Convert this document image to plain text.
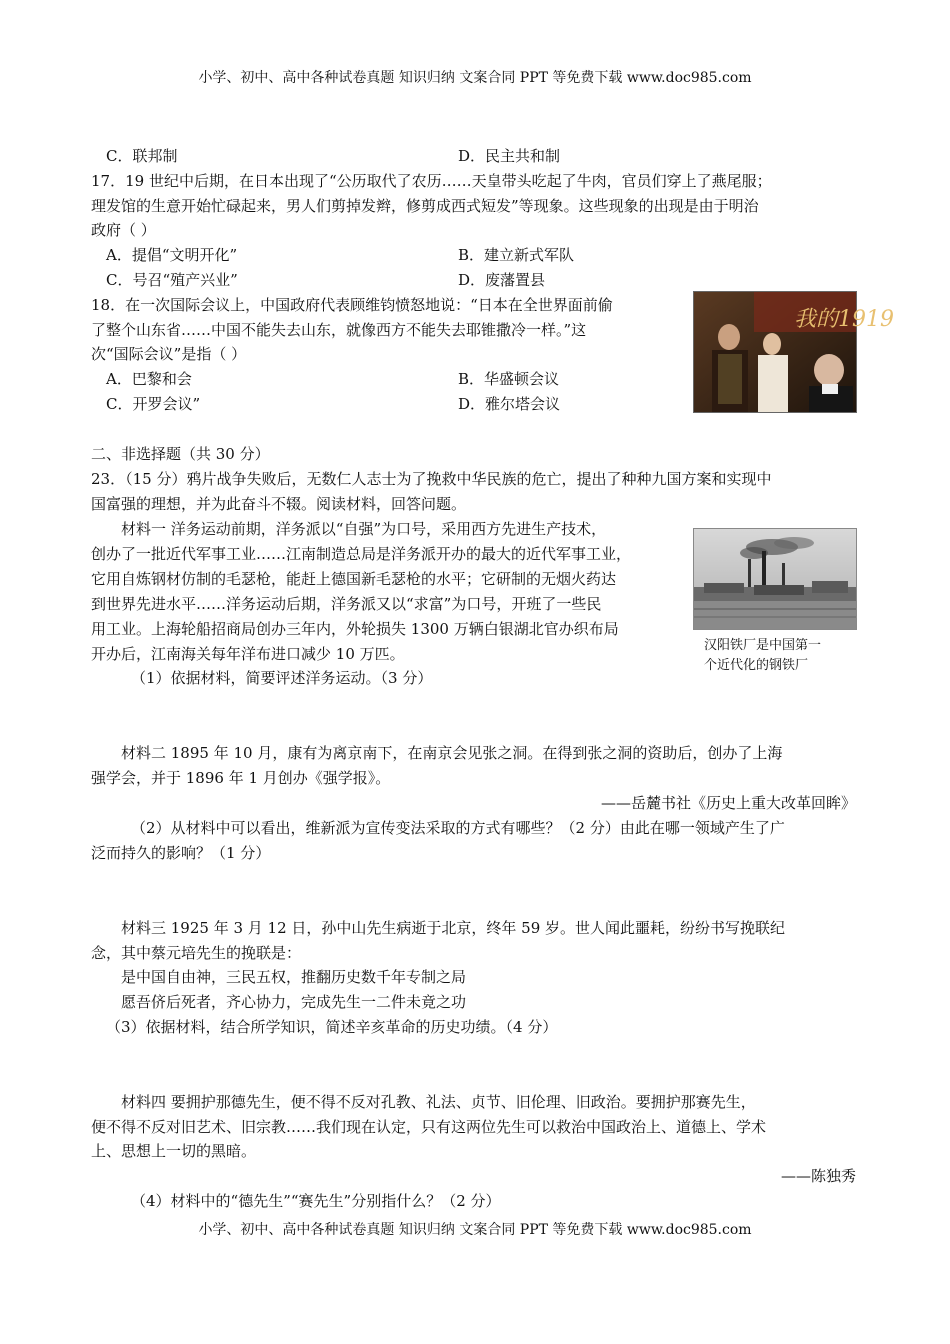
小学、初中、高中各种试卷真题 知识归纳 文案合同 PPT 等免费下载 www.doc985.com
C．联邦制	D．民主共和制
17．19 世纪中后期，在日本出现了“公历取代了农历……天皇带头吃起了牛肉，官员们穿上了燕尾服；
理发馆的生意开始忙碌起来，男人们剪掉发辫，修剪成西式短发”等现象。这些现象的出现是由于明治
政府（ ）
A．提倡“文明开化”	B．建立新式军队
C．号召“殖产兴业”	D．废藩置县
18．在一次国际会议上，中国政府代表顾维钧愤怒地说：“日本在全世界面前偷
了整个山东省……中国不能失去山东，就像西方不能失去耶锥撒冷一样。”这
次“国际会议”是指（ ）
A．巴黎和会	B．华盛顿会议
C．开罗会议”	D．雅尔塔会议
我的1919
二、非选择题（共 30 分）
23．（15 分）鸦片战争失败后，无数仁人志士为了挽救中华民族的危亡，提出了种种九国方案和实现中
国富强的理想，并为此奋斗不辍。阅读材料，回答问题。
材料一 洋务运动前期，洋务派以“自强”为口号，采用西方先进生产技术，
创办了一批近代军事工业……江南制造总局是洋务派开办的最大的近代军事工业，
它用自炼钢材仿制的毛瑟枪，能赶上德国新毛瑟枪的水平；它研制的无烟火药达
到世界先进水平……洋务运动后期，洋务派又以“求富”为口号，开班了一些民
用工业。上海轮船招商局创办三年内，外轮损失 1300 万辆白银湖北官办织布局
开办后，江南海关每年洋布进口减少 10 万匹。	汉阳铁厂是中国第一
个近代化的钢铁厂
（1）依据材料，简要评述洋务运动。（3 分）
材料二 1895 年 10 月，康有为离京南下，在南京会见张之洞。在得到张之洞的资助后，创办了上海
强学会，并于 1896 年 1 月创办《强学报》。
——岳麓书社《历史上重大改革回眸》
（2）从材料中可以看出，维新派为宣传变法采取的方式有哪些？（2 分）由此在哪一领域产生了广
泛而持久的影响？（1 分）
材料三 1925 年 3 月 12 日，孙中山先生病逝于北京，终年 59 岁。世人闻此噩耗，纷纷书写挽联纪
念，其中蔡元培先生的挽联是：
是中国自由神，三民五权，推翻历史数千年专制之局
愿吾侪后死者，齐心协力，完成先生一二件未竟之功
（3）依据材料，结合所学知识，简述辛亥革命的历史功绩。（4 分）
材料四 要拥护那德先生，便不得不反对孔教、礼法、贞节、旧伦理、旧政治。要拥护那赛先生，
便不得不反对旧艺术、旧宗教……我们现在认定，只有这两位先生可以救治中国政治上、道德上、学术
上、思想上一切的黑暗。
——陈独秀
（4）材料中的“德先生”“赛先生”分别指什么？（2 分）
小学、初中、高中各种试卷真题 知识归纳 文案合同 PPT 等免费下载 www.doc985.com
